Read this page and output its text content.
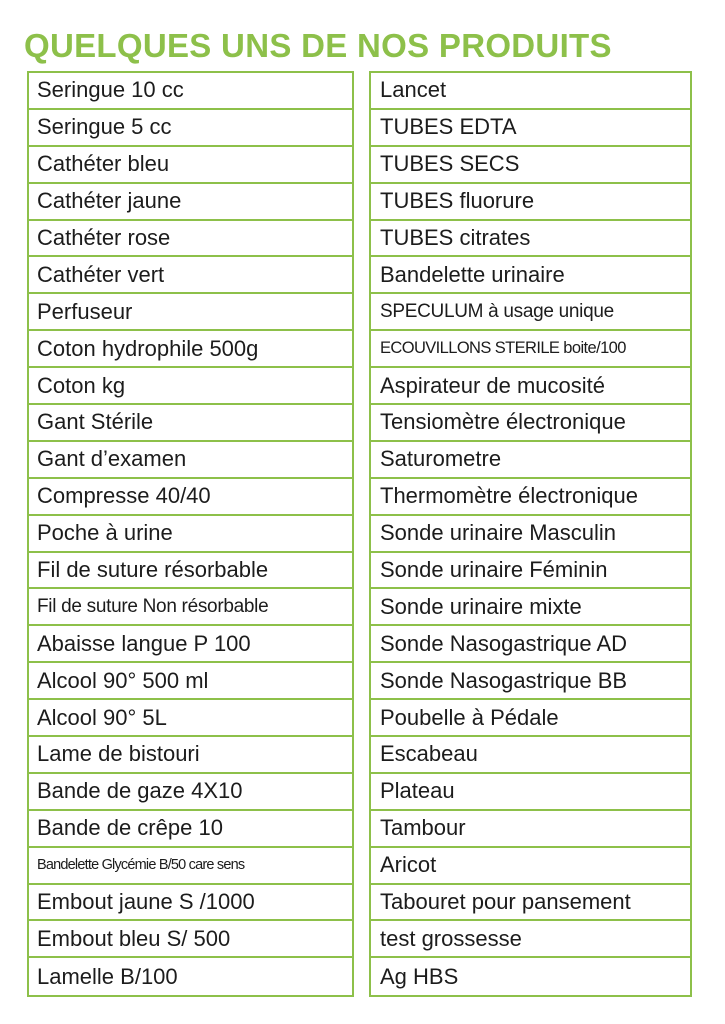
QUELQUES UNS DE NOS PRODUITS
Seringue 10 cc
Seringue 5 cc
Cathéter bleu
Cathéter jaune
Cathéter rose
Cathéter vert
Perfuseur
Coton hydrophile 500g
Coton kg
Gant Stérile
Gant d’examen
Compresse 40/40
Poche à urine
Fil de suture résorbable
Fil de suture Non résorbable
Abaisse langue P 100
Alcool 90° 500 ml
Alcool 90° 5L
Lame de bistouri
Bande de gaze 4X10
Bande de crêpe 10
Bandelette Glycémie B/50 care sens
Embout jaune S /1000
Embout bleu S/ 500
Lamelle B/100
Lancet
TUBES EDTA
TUBES SECS
TUBES fluorure
TUBES citrates
Bandelette urinaire
SPECULUM à usage unique
ECOUVILLONS STERILE boite/100
Aspirateur de mucosité
Tensiomètre électronique
Saturometre
Thermomètre électronique
Sonde urinaire Masculin
Sonde urinaire Féminin
Sonde urinaire mixte
Sonde Nasogastrique AD
Sonde Nasogastrique BB
Poubelle à Pédale
Escabeau
Plateau
Tambour
Aricot
Tabouret pour pansement
test grossesse
Ag HBS
